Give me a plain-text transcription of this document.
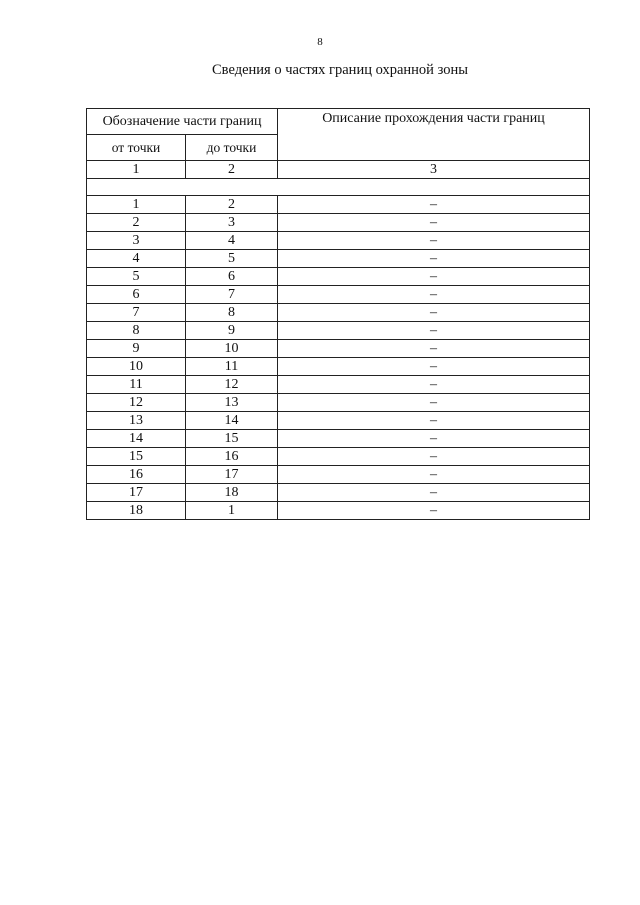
8
Сведения о частях границ охранной зоны
Обозначение части границ		Описание прохождения части границ
от точки	до точки	
1	2	3

1	2	–
2	3	–
3	4	–
4	5	–
5	6	–
6	7	–
7	8	–
8	9	–
9	10	–
10	11	–
11	12	–
12	13	–
13	14	–
14	15	–
15	16	–
16	17	–
17	18	–
18	1	–
